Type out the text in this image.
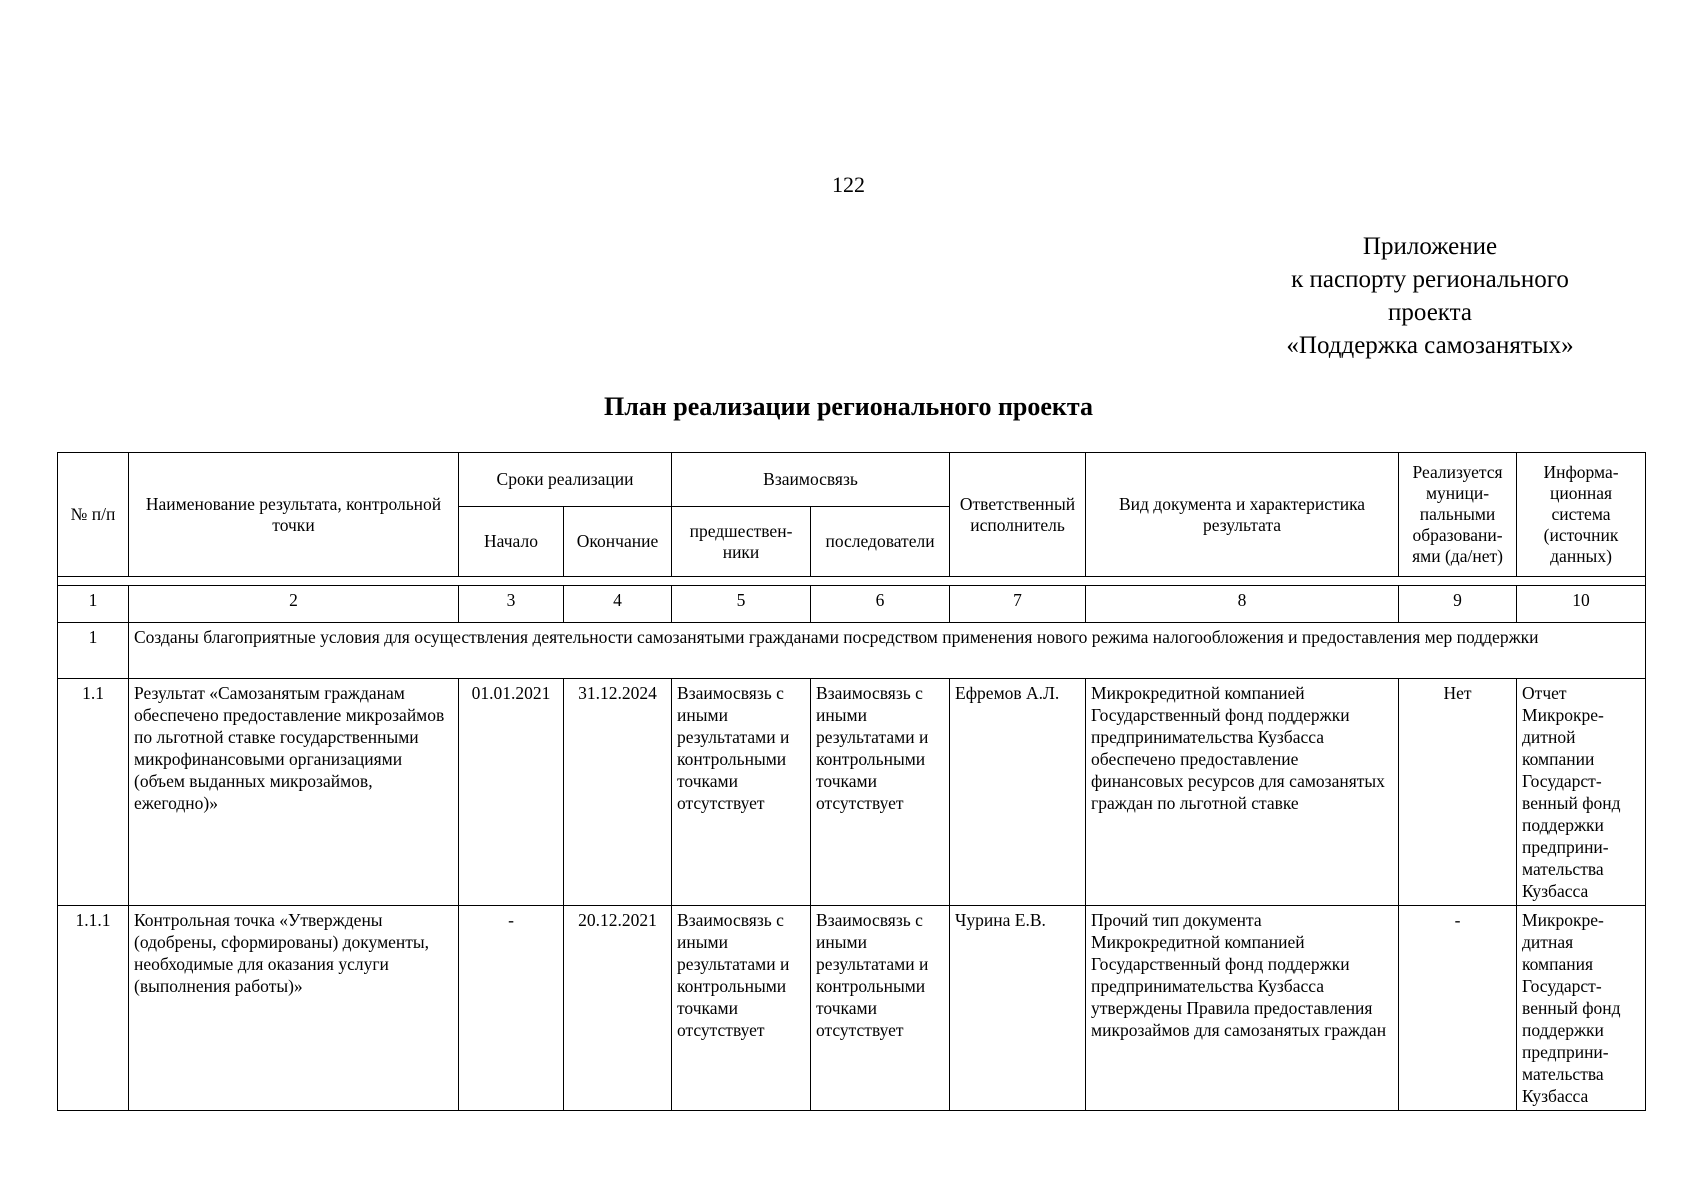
122
Приложение
к паспорту регионального
проекта
«Поддержка самозанятых»
План реализации регионального проекта
№ п/п	Наименование результата, контрольной точки	Сроки реализации		Взаимосвязь		Ответственный исполнитель	Вид документа и характеристика результата	Реализуется муници-пальными образовани-ями (да/нет)	Информа-ционная система (источник данных)
		Начало	Окончание	предшествен-ники	последователи				

1	2	3	4	5	6	7	8	9	10
1	Созданы благоприятные условия для осуществления деятельности самозанятыми гражданами посредством применения нового режима налогообложения и предоставления мер поддержки								
1.1	Результат «Самозанятым гражданам обеспечено предоставление микрозаймов по льготной ставке государственными микрофинансовыми организациями (объем выданных микрозаймов, ежегодно)»	01.01.2021	31.12.2024	Взаимосвязь с иными результатами и контрольными точками отсутствует	Взаимосвязь с иными результатами и контрольными точками отсутствует	Ефремов А.Л.	Микрокредитной компанией Государственный фонд поддержки предпринимательства Кузбасса обеспечено предоставление финансовых ресурсов для самозанятых граждан по льготной ставке	Нет	Отчет Микрокре-дитной компании Государст-венный фонд поддержки предприни-мательства Кузбасса
1.1.1	Контрольная точка «Утверждены (одобрены, сформированы) документы, необходимые для оказания услуги (выполнения работы)»	-	20.12.2021	Взаимосвязь с иными результатами и контрольными точками отсутствует	Взаимосвязь с иными результатами и контрольными точками отсутствует	Чурина Е.В.	Прочий тип документа Микрокредитной компанией Государственный фонд поддержки предпринимательства Кузбасса утверждены Правила предоставления микрозаймов для самозанятых граждан	-	Микрокре-дитная компания Государст-венный фонд поддержки предприни-мательства Кузбасса
